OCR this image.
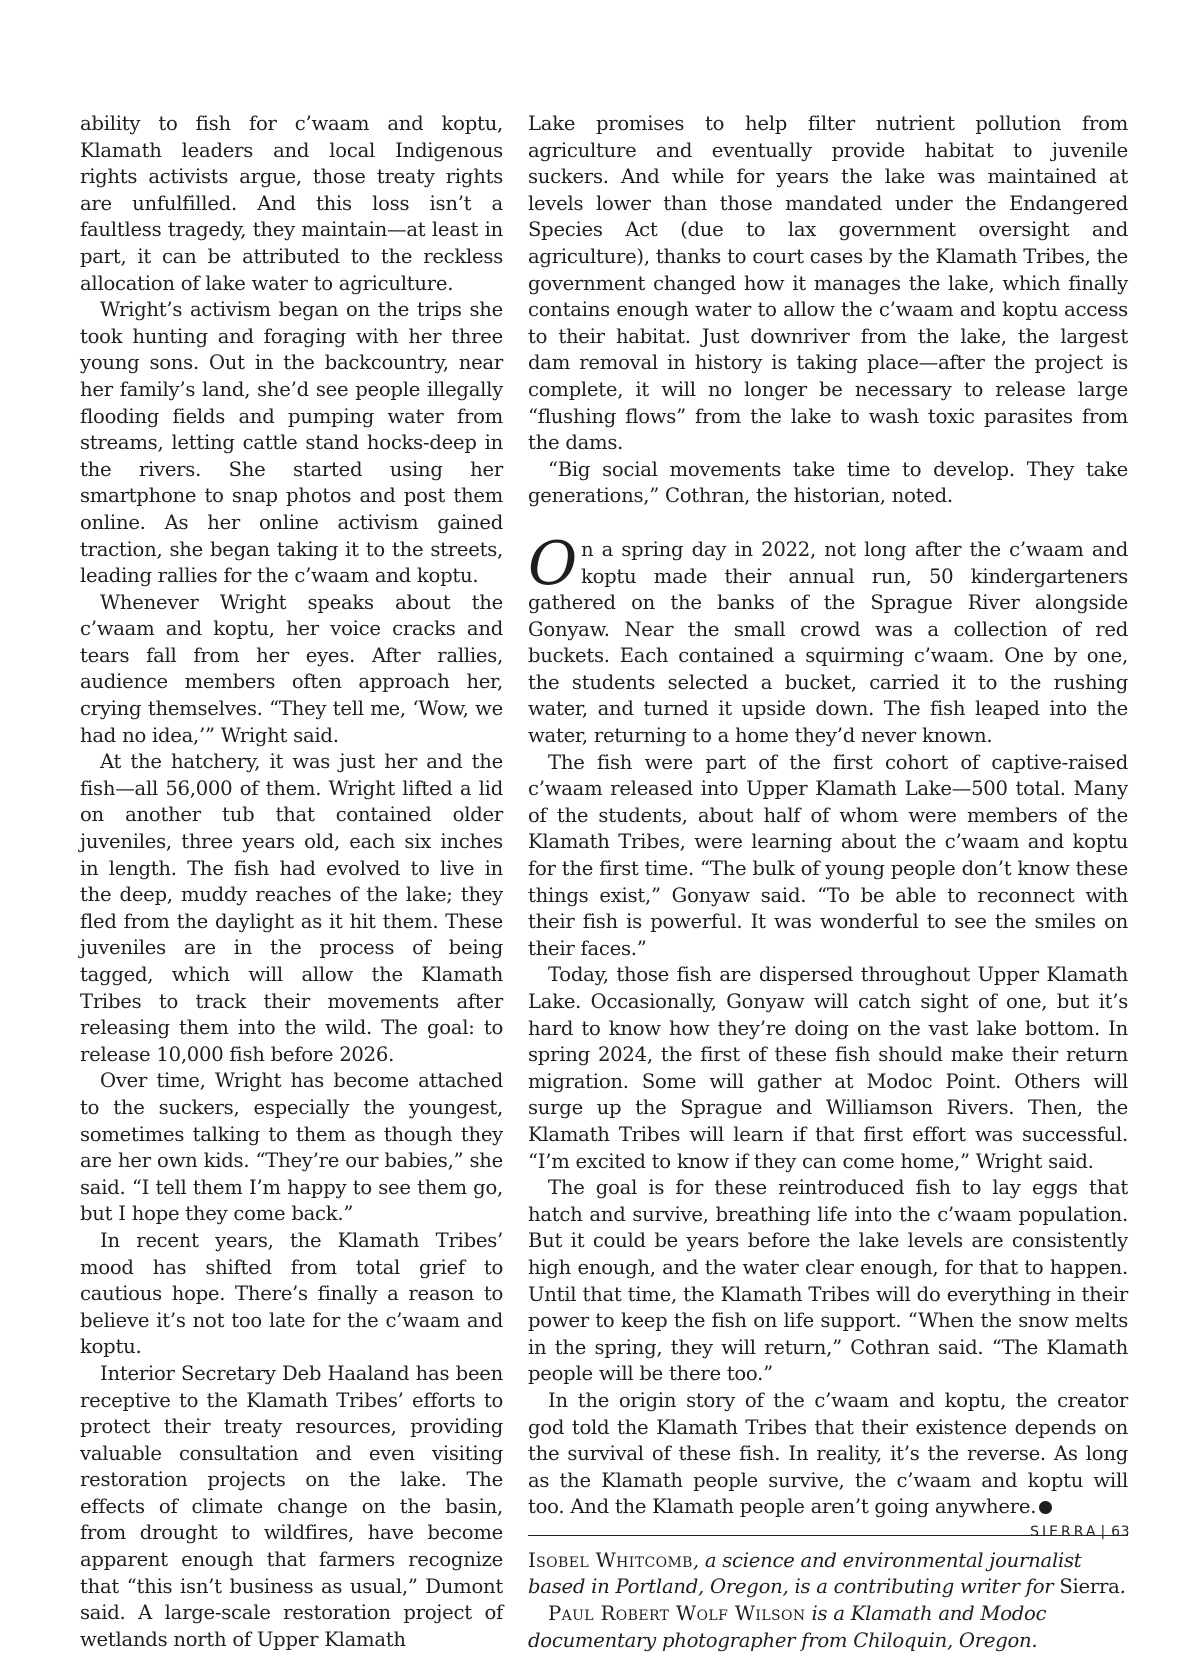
ability to fish for c’waam and koptu, Klamath leaders and local Indigenous rights activists argue, those treaty rights are unfulfilled. And this loss isn’t a faultless tragedy, they maintain—at least in part, it can be attributed to the reckless allocation of lake water to agriculture.

Wright’s activism began on the trips she took hunting and foraging with her three young sons. Out in the backcountry, near her family’s land, she’d see people illegally flooding fields and pumping water from streams, letting cattle stand hocks-deep in the rivers. She started using her smartphone to snap photos and post them online. As her online activism gained traction, she began taking it to the streets, leading rallies for the c’waam and koptu.

Whenever Wright speaks about the c’waam and koptu, her voice cracks and tears fall from her eyes. After rallies, audience members often approach her, crying themselves. “They tell me, ‘Wow, we had no idea,’” Wright said.

At the hatchery, it was just her and the fish—all 56,000 of them. Wright lifted a lid on another tub that contained older juveniles, three years old, each six inches in length. The fish had evolved to live in the deep, muddy reaches of the lake; they fled from the daylight as it hit them. These juveniles are in the process of being tagged, which will allow the Klamath Tribes to track their movements after releasing them into the wild. The goal: to release 10,000 fish before 2026.

Over time, Wright has become attached to the suckers, especially the youngest, sometimes talking to them as though they are her own kids. “They’re our babies,” she said. “I tell them I’m happy to see them go, but I hope they come back.”

In recent years, the Klamath Tribes’ mood has shifted from total grief to cautious hope. There’s finally a reason to believe it’s not too late for the c’waam and koptu.

Interior Secretary Deb Haaland has been receptive to the Klamath Tribes’ efforts to protect their treaty resources, providing valuable consultation and even visiting restoration projects on the lake. The effects of climate change on the basin, from drought to wildfires, have become apparent enough that farmers recognize that “this isn’t business as usual,” Dumont said. A large-scale restoration project of wetlands north of Upper Klamath

Lake promises to help filter nutrient pollution from agriculture and eventually provide habitat to juvenile suckers. And while for years the lake was maintained at levels lower than those mandated under the Endangered Species Act (due to lax government oversight and agriculture), thanks to court cases by the Klamath Tribes, the government changed how it manages the lake, which finally contains enough water to allow the c’waam and koptu access to their habitat. Just downriver from the lake, the largest dam removal in history is taking place—after the project is complete, it will no longer be necessary to release large “flushing flows” from the lake to wash toxic parasites from the dams.

“Big social movements take time to develop. They take generations,” Cothran, the historian, noted.

On a spring day in 2022, not long after the c’waam and koptu made their annual run, 50 kindergarteners gathered on the banks of the Sprague River alongside Gonyaw. Near the small crowd was a collection of red buckets. Each contained a squirming c’waam. One by one, the students selected a bucket, carried it to the rushing water, and turned it upside down. The fish leaped into the water, returning to a home they’d never known.

The fish were part of the first cohort of captive-raised c’waam released into Upper Klamath Lake—500 total. Many of the students, about half of whom were members of the Klamath Tribes, were learning about the c’waam and koptu for the first time. “The bulk of young people don’t know these things exist,” Gonyaw said. “To be able to reconnect with their fish is powerful. It was wonderful to see the smiles on their faces.”

Today, those fish are dispersed throughout Upper Klamath Lake. Occasionally, Gonyaw will catch sight of one, but it’s hard to know how they’re doing on the vast lake bottom. In spring 2024, the first of these fish should make their return migration. Some will gather at Modoc Point. Others will surge up the Sprague and Williamson Rivers. Then, the Klamath Tribes will learn if that first effort was successful. “I’m excited to know if they can come home,” Wright said.

The goal is for these reintroduced fish to lay eggs that hatch and survive, breathing life into the c’waam population. But it could be years before the lake levels are consistently high enough, and the water clear enough, for that to happen. Until that time, the Klamath Tribes will do everything in their power to keep the fish on life support. “When the snow melts in the spring, they will return,” Cothran said. “The Klamath people will be there too.”

In the origin story of the c’waam and koptu, the creator god told the Klamath Tribes that their existence depends on the survival of these fish. In reality, it’s the reverse. As long as the Klamath people survive, the c’waam and koptu will too. And the Klamath people aren’t going anywhere.	S

Isobel Whitcomb, a science and environmental journalist based in Portland, Oregon, is a contributing writer for Sierra.

Paul Robert Wolf Wilson is a Klamath and Modoc documentary photographer from Chiloquin, Oregon.

SIERRA | 63
